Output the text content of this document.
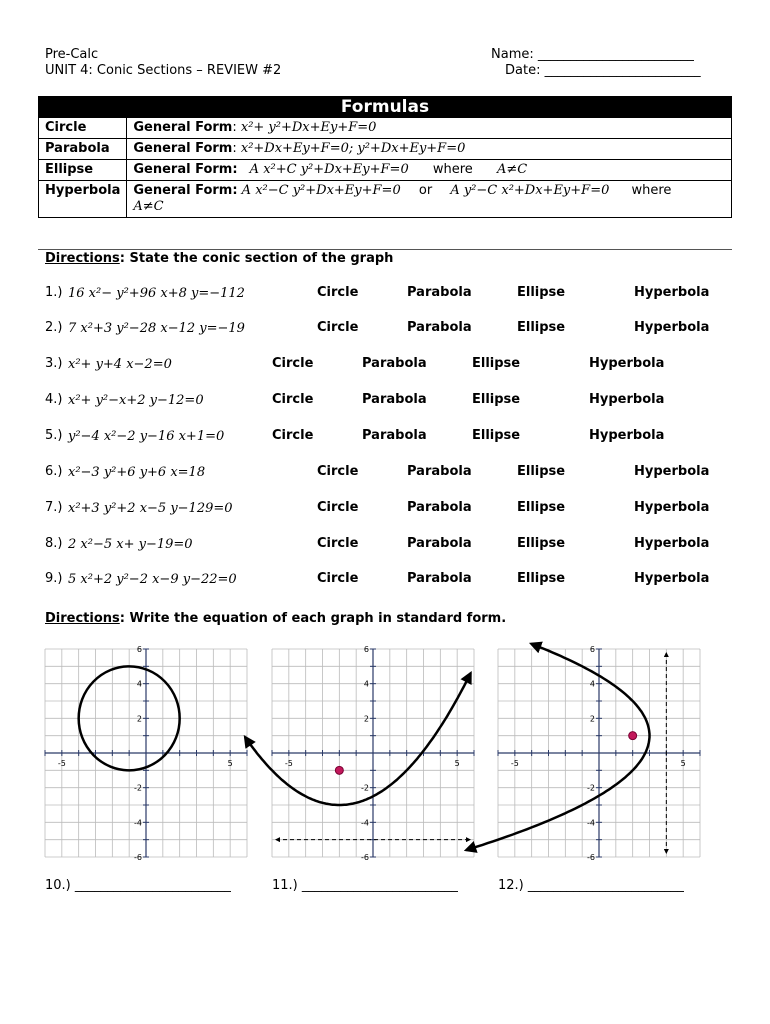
Pre-Calc
UNIT 4: Conic Sections – REVIEW #2
Name: ________________________
Date: ________________________
Formulas	
Circle	General Form: x²+ y²+Dx+Ey+F=0
Parabola	General Form: x²+Dx+Ey+F=0; y²+Dx+Ey+F=0
Ellipse	General Form: A x²+C y²+Dx+Ey+F=0 where A≠C
Hyperbola	General Form: A x²−C y²+Dx+Ey+F=0 or A y²−C x²+Dx+Ey+F=0 where
A≠C
Directions: State the conic section of the graph
1.) 16 x²− y²+96 x+8 y=−112	Circle	Parabola	Ellipse	Hyperbola
2.) 7 x²+3 y²−28 x−12 y=−19	Circle	Parabola	Ellipse	Hyperbola
3.) x²+ y+4 x−2=0	Circle	Parabola	Ellipse	Hyperbola
4.) x²+ y²−x+2 y−12=0	Circle	Parabola	Ellipse	Hyperbola
5.) y²−4 x²−2 y−16 x+1=0	Circle	Parabola	Ellipse	Hyperbola
6.) x²−3 y²+6 y+6 x=18	Circle	Parabola	Ellipse	Hyperbola
7.) x²+3 y²+2 x−5 y−129=0	Circle	Parabola	Ellipse	Hyperbola
8.) 2 x²−5 x+ y−19=0	Circle	Parabola	Ellipse	Hyperbola
9.) 5 x²+2 y²−2 x−9 y−22=0	Circle	Parabola	Ellipse	Hyperbola
Directions: Write the equation of each graph in standard form.
-5	5
6
4
2
-2
-4
-6
-5	5
6
4
2
-2
-4
-6
-5	5
6
4
2
-2
-4
-6
10.) ________________________	11.) ________________________	12.) ________________________
